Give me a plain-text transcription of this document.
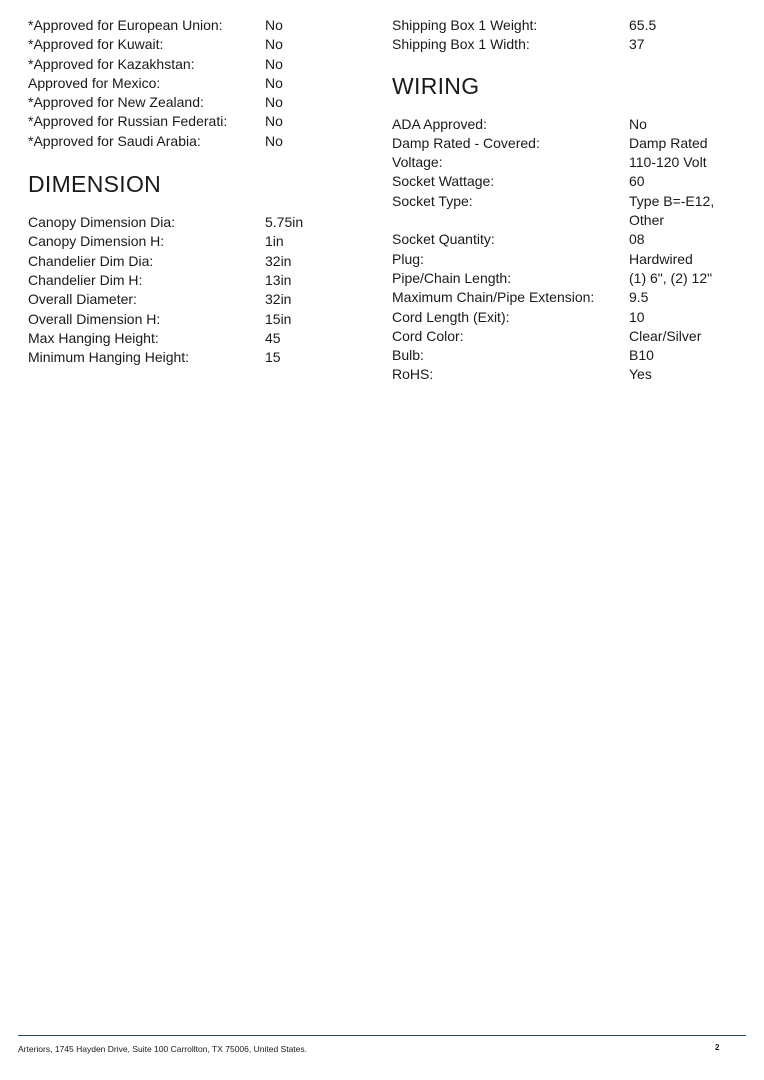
*Approved for European Union:	No
*Approved for Kuwait:	No
*Approved for Kazakhstan:	No
Approved for Mexico:	No
*Approved for New Zealand:	No
*Approved for Russian Federati:	No
*Approved for Saudi Arabia:	No
DIMENSION
Canopy Dimension Dia:	5.75in
Canopy Dimension H:	1in
Chandelier Dim Dia:	32in
Chandelier Dim H:	13in
Overall Diameter:	32in
Overall Dimension H:	15in
Max Hanging Height:	45
Minimum Hanging Height:	15
Shipping Box 1 Weight:	65.5
Shipping Box 1 Width:	37
WIRING
ADA Approved:	No
Damp Rated - Covered:	Damp Rated
Voltage:	110-120 Volt
Socket Wattage:	60
Socket Type:	Type B=-E12,
Other
Socket Quantity:	08
Plug:	Hardwired
Pipe/Chain Length:	(1) 6", (2) 12"
Maximum Chain/Pipe Extension:	9.5
Cord Length (Exit):	10
Cord Color:	Clear/Silver
Bulb:	B10
RoHS:	Yes
Arteriors, 1745 Hayden Drive, Suite 100 Carrollton, TX 75006, United States.	2
